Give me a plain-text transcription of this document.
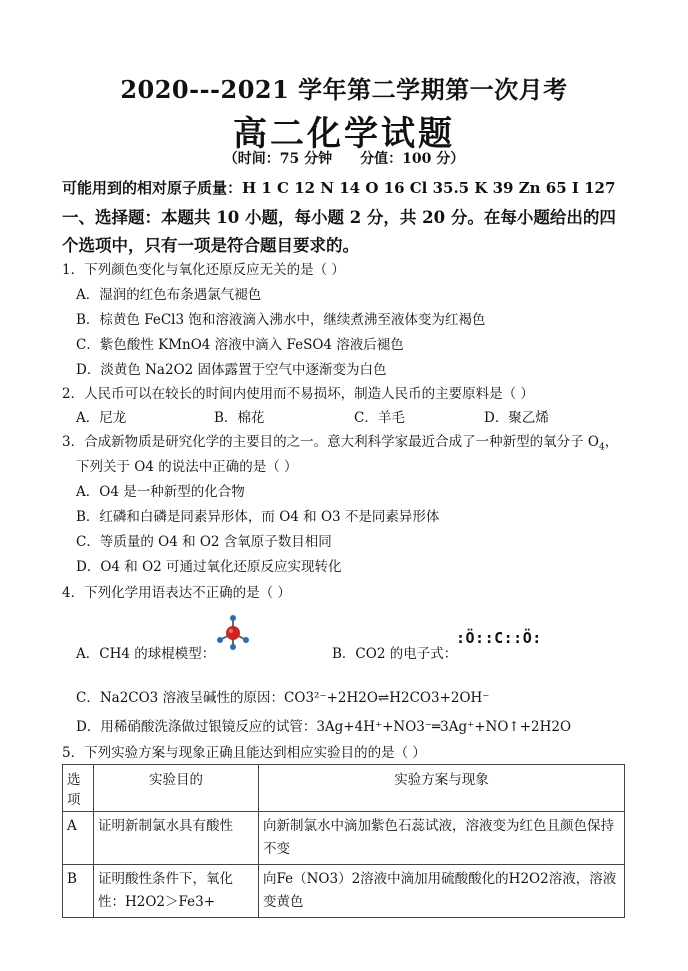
2020---2021 学年第二学期第一次月考
高二化学试题
（时间：75 分钟 分值：100 分）
可能用到的相对原子质量：H 1 C 12 N 14 O 16 Cl 35.5 K 39 Zn 65 I 127
一、选择题：本题共 10 小题，每小题 2 分，共 20 分。在每小题给出的四个选项中，只有一项是符合题目要求的。
1．下列颜色变化与氧化还原反应无关的是（ ）
A．湿润的红色布条遇氯气褪色
B．棕黄色 FeCl3 饱和溶液滴入沸水中，继续煮沸至液体变为红褐色
C．紫色酸性 KMnO4 溶液中滴入 FeSO4 溶液后褪色
D．淡黄色 Na2O2 固体露置于空气中逐渐变为白色
2．人民币可以在较长的时间内使用而不易损坏，制造人民币的主要原料是（ ）
A．尼龙	B．棉花	C．羊毛	D．聚乙烯
3．合成新物质是研究化学的主要目的之一。意大利科学家最近合成了一种新型的氧分子 $O_4$，
下列关于 O4 的说法中正确的是（ ）
A．O4 是一种新型的化合物
B．红磷和白磷是同素异形体，而 O4 和 O3 不是同素异形体
C．等质量的 O4 和 O2 含氧原子数目相同
D．O4 和 O2 可通过氧化还原反应实现转化
4．下列化学用语表达不正确的是（ ）
A．CH4 的球棍模型：	B．CO2 的电子式：
:Ö::C::Ö:
C．Na2CO3 溶液呈碱性的原因：CO3²⁻+2H2O⇌H2CO3+2OH⁻
D．用稀硝酸洗涤做过银镜反应的试管：3Ag+4H⁺+NO3⁻═3Ag⁺+NO↑+2H2O
5．下列实验方案与现象正确且能达到相应实验目的的是（ ）
选项	实验目的	实验方案与现象
A	证明新制氯水具有酸性	向新制氯水中滴加紫色石蕊试液，溶液变为红色且颜色保持不变
B	证明酸性条件下，氧化性：H2O2＞Fe3+	向Fe（NO3）2溶液中滴加用硫酸酸化的H2O2溶液，溶液变黄色
